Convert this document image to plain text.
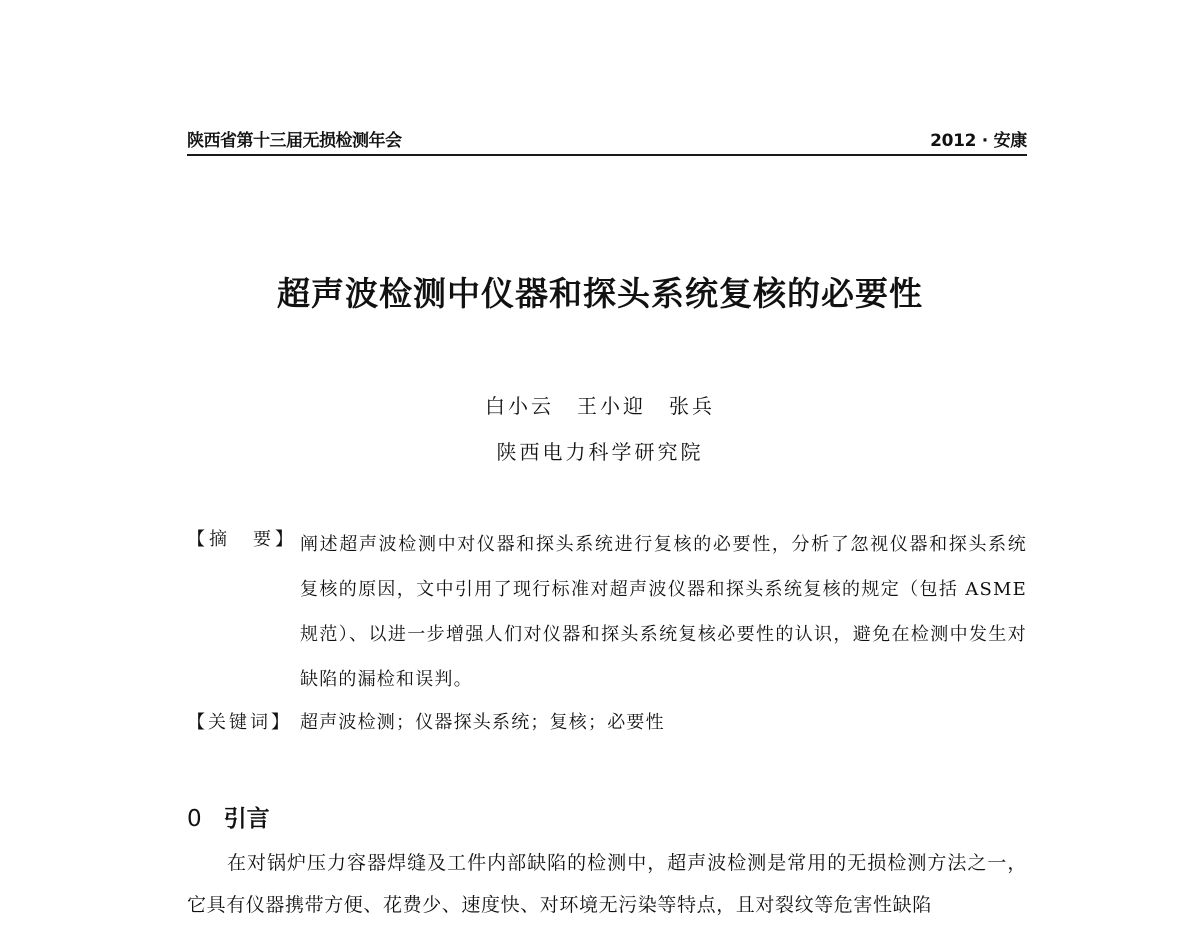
陕西省第十三届无损检测年会	2012 · 安康
超声波检测中仪器和探头系统复核的必要性
白小云　王小迎　张兵
陕西电力科学研究院
【摘　要】 阐述超声波检测中对仪器和探头系统进行复核的必要性，分析了忽视仪器和探头系统复核的原因，文中引用了现行标准对超声波仪器和探头系统复核的规定（包括 ASME 规范）、以进一步增强人们对仪器和探头系统复核必要性的认识，避免在检测中发生对缺陷的漏检和误判。
【关键词】 超声波检测；仪器探头系统；复核；必要性
0 引言
在对锅炉压力容器焊缝及工件内部缺陷的检测中，超声波检测是常用的无损检测方法之一，它具有仪器携带方便、花费少、速度快、对环境无污染等特点，且对裂纹等危害性缺陷
